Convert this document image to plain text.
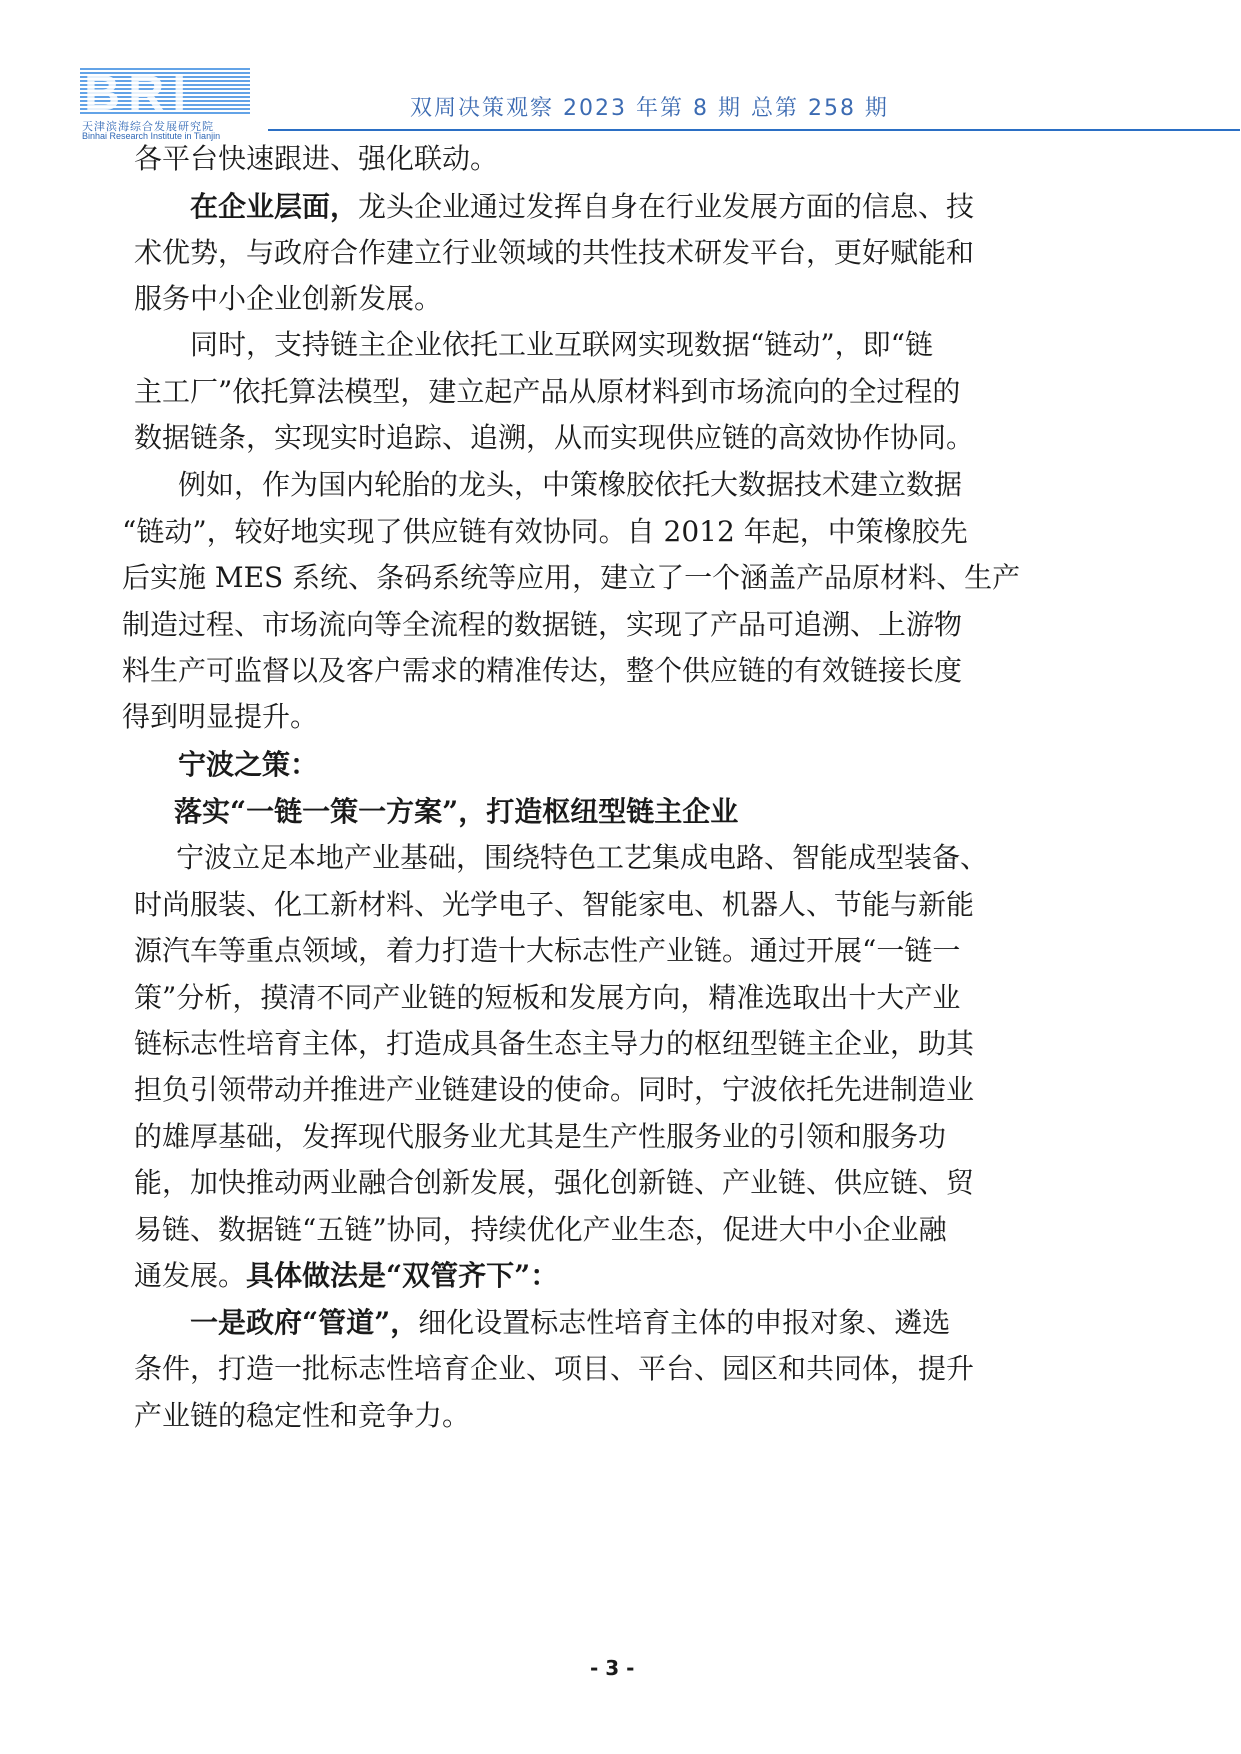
BRI
天津滨海综合发展研究院
Binhai Research Institute in Tianjin
双周决策观察 2023 年第 8 期 总第 258 期
各平台快速跟进、强化联动。
在企业层面，龙头企业通过发挥自身在行业发展方面的信息、技
术优势，与政府合作建立行业领域的共性技术研发平台，更好赋能和
服务中小企业创新发展。
同时，支持链主企业依托工业互联网实现数据“链动”，即“链
主工厂”依托算法模型，建立起产品从原材料到市场流向的全过程的
数据链条，实现实时追踪、追溯，从而实现供应链的高效协作协同。
例如，作为国内轮胎的龙头，中策橡胶依托大数据技术建立数据
“链动”，较好地实现了供应链有效协同。自 2012 年起，中策橡胶先
后实施 MES 系统、条码系统等应用，建立了一个涵盖产品原材料、生产
制造过程、市场流向等全流程的数据链，实现了产品可追溯、上游物
料生产可监督以及客户需求的精准传达，整个供应链的有效链接长度
得到明显提升。
宁波之策：
落实“一链一策一方案”，打造枢纽型链主企业
宁波立足本地产业基础，围绕特色工艺集成电路、智能成型装备、
时尚服装、化工新材料、光学电子、智能家电、机器人、节能与新能
源汽车等重点领域，着力打造十大标志性产业链。通过开展“一链一
策”分析，摸清不同产业链的短板和发展方向，精准选取出十大产业
链标志性培育主体，打造成具备生态主导力的枢纽型链主企业，助其
担负引领带动并推进产业链建设的使命。同时，宁波依托先进制造业
的雄厚基础，发挥现代服务业尤其是生产性服务业的引领和服务功
能，加快推动两业融合创新发展，强化创新链、产业链、供应链、贸
易链、数据链“五链”协同，持续优化产业生态，促进大中小企业融
通发展。具体做法是“双管齐下”：
一是政府“管道”，细化设置标志性培育主体的申报对象、遴选
条件，打造一批标志性培育企业、项目、平台、园区和共同体，提升
产业链的稳定性和竞争力。
- 3 -
